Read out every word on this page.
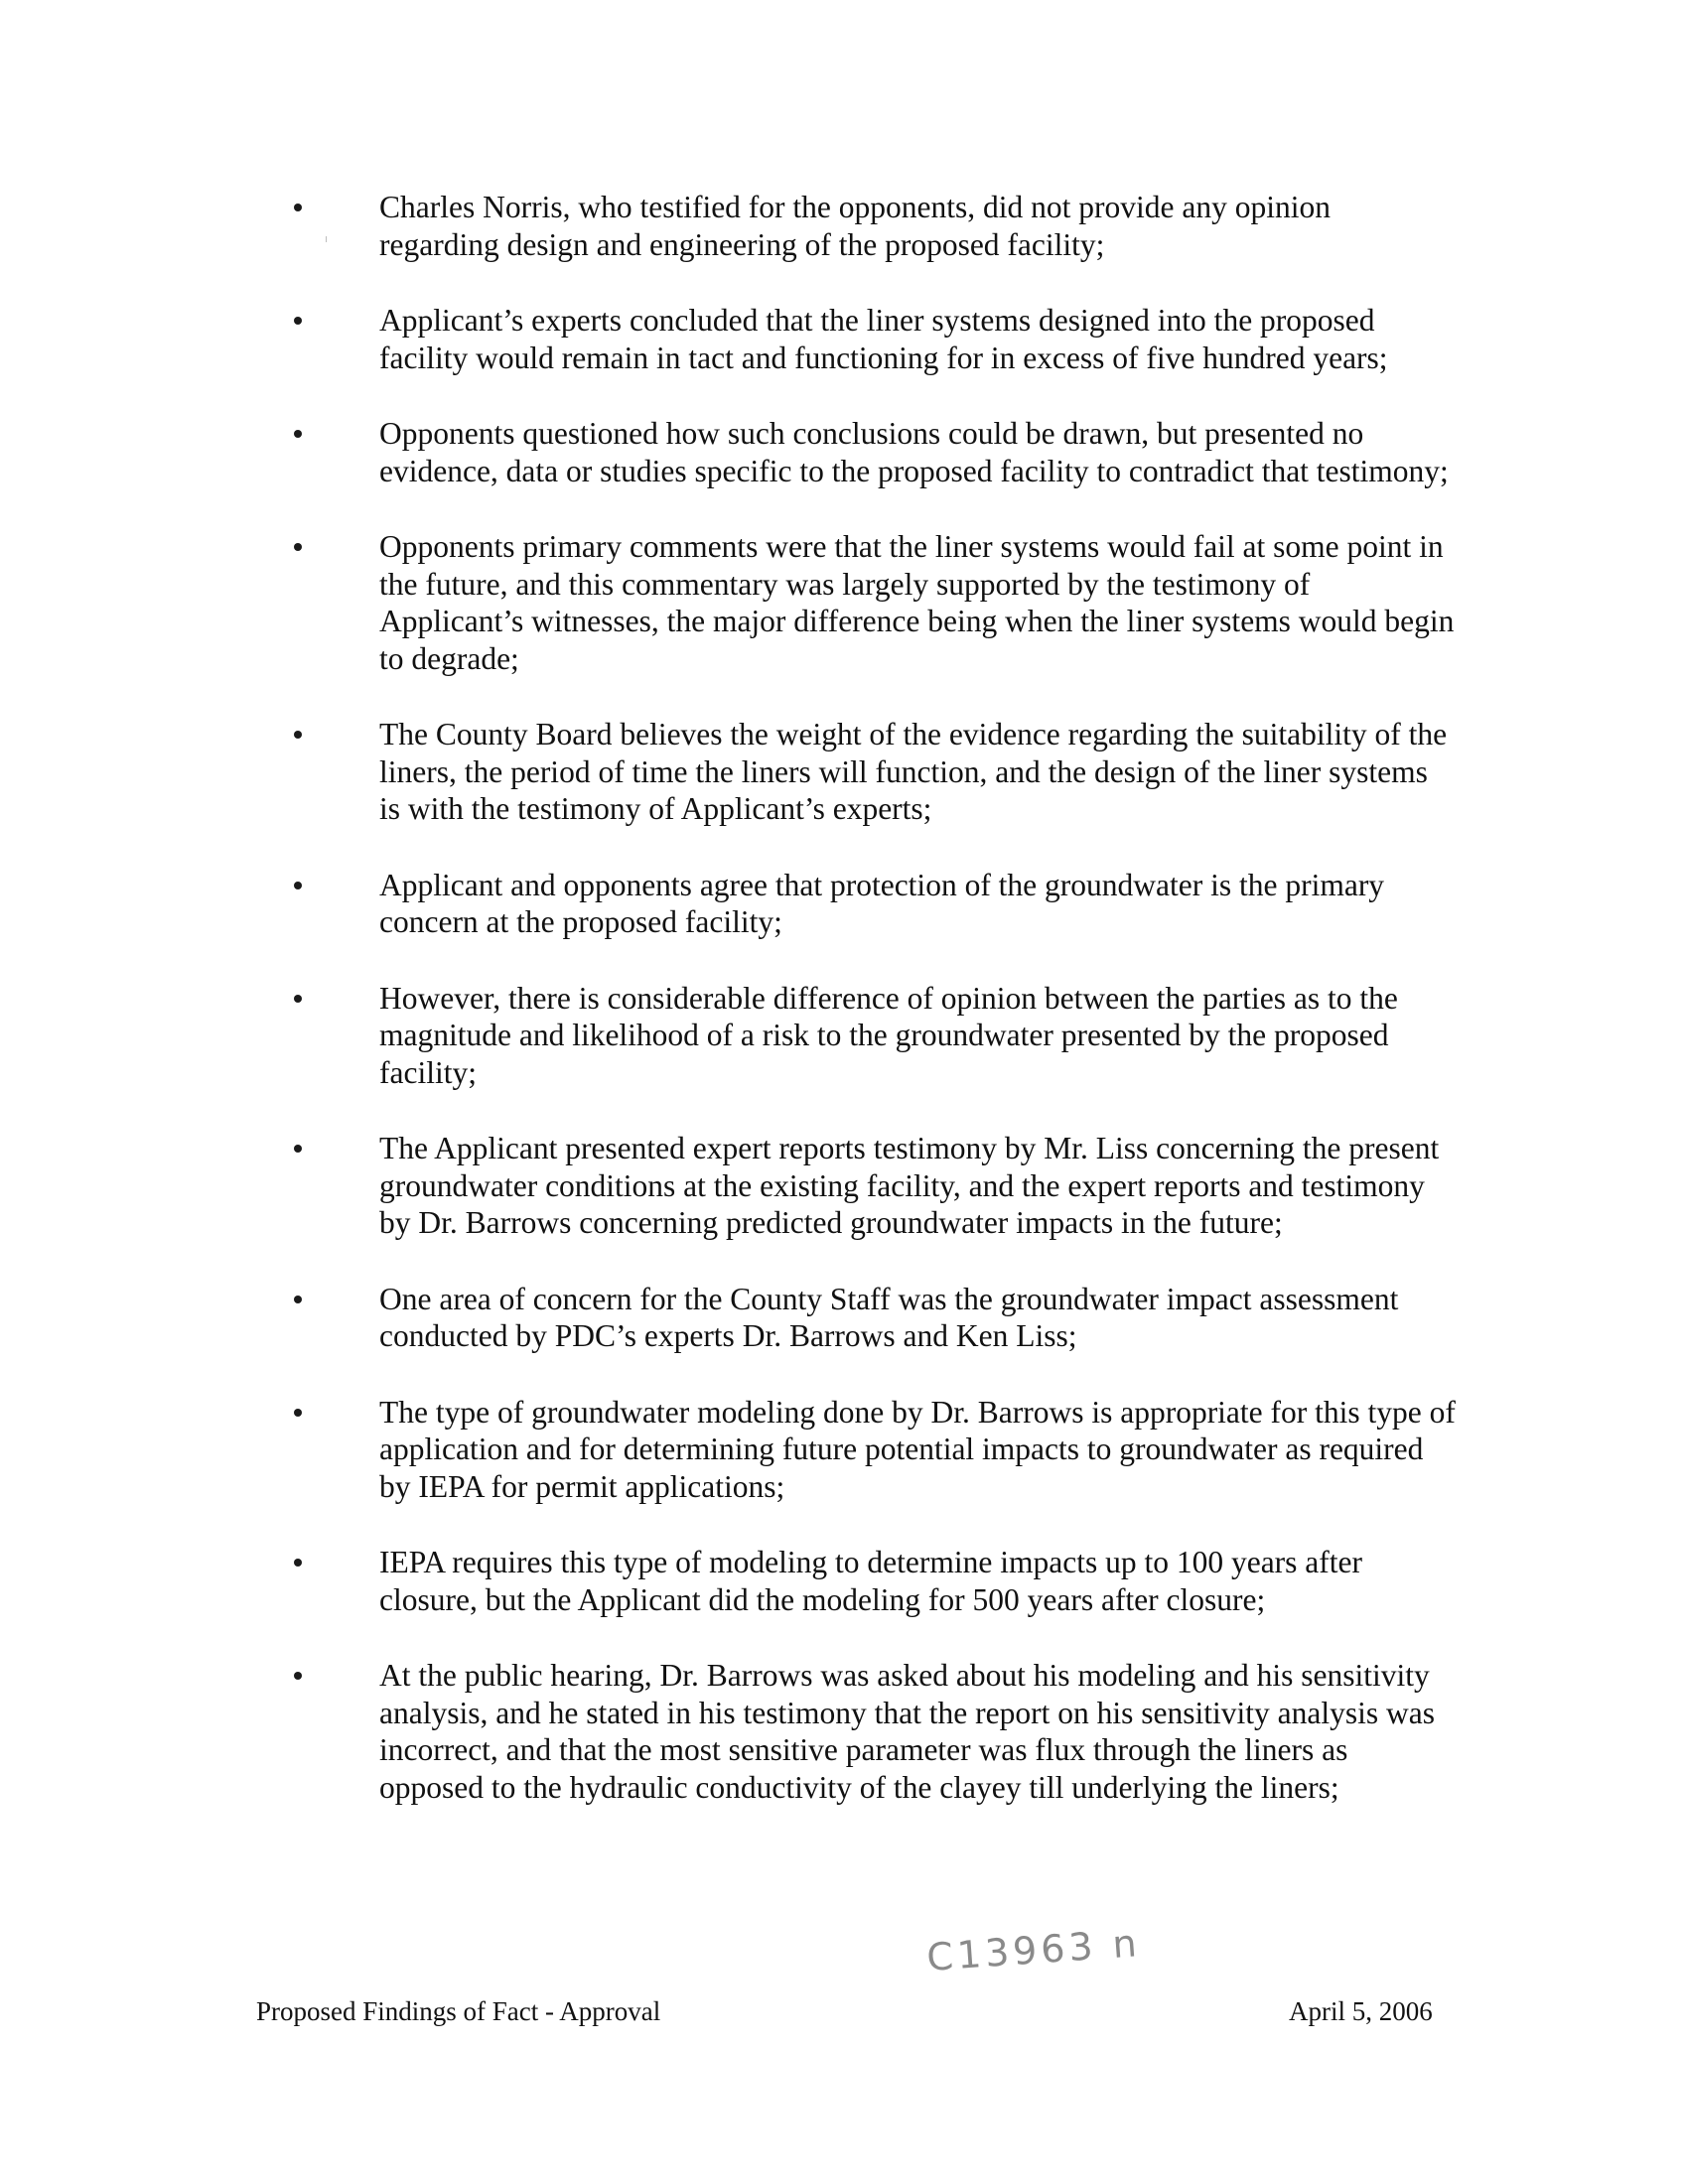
Charles Norris, who testified for the opponents, did not provide any opinion regarding design and engineering of the proposed facility;
Applicant’s experts concluded that the liner systems designed into the proposed facility would remain in tact and functioning for in excess of five hundred years;
Opponents questioned how such conclusions could be drawn, but presented no evidence, data or studies specific to the proposed facility to contradict that testimony;
Opponents primary comments were that the liner systems would fail at some point in the future, and this commentary was largely supported by the testimony of Applicant’s witnesses, the major difference being when the liner systems would begin to degrade;
The County Board believes the weight of the evidence regarding the suitability of the liners, the period of time the liners will function, and the design of the liner systems is with the testimony of Applicant’s experts;
Applicant and opponents agree that protection of the groundwater is the primary concern at the proposed facility;
However, there is considerable difference of opinion between the parties as to the magnitude and likelihood of a risk to the groundwater presented by the proposed facility;
The Applicant presented expert reports testimony by Mr. Liss concerning the present groundwater conditions at the existing facility, and the expert reports and testimony by Dr. Barrows concerning predicted groundwater impacts in the future;
One area of concern for the County Staff was the groundwater impact assessment conducted by PDC’s experts Dr. Barrows and Ken Liss;
The type of groundwater modeling done by Dr. Barrows is appropriate for this type of application and for determining future potential impacts to groundwater as required by IEPA for permit applications;
IEPA requires this type of modeling to determine impacts up to 100 years after closure, but the Applicant did the modeling for 500 years after closure;
At the public hearing, Dr. Barrows was asked about his modeling and his sensitivity analysis, and he stated in his testimony that the report on his sensitivity analysis was incorrect, and that the most sensitive parameter was flux through the liners as opposed to the hydraulic conductivity of the clayey till underlying the liners;
C13963 n
Proposed Findings of Fact - Approval	April 5, 2006
